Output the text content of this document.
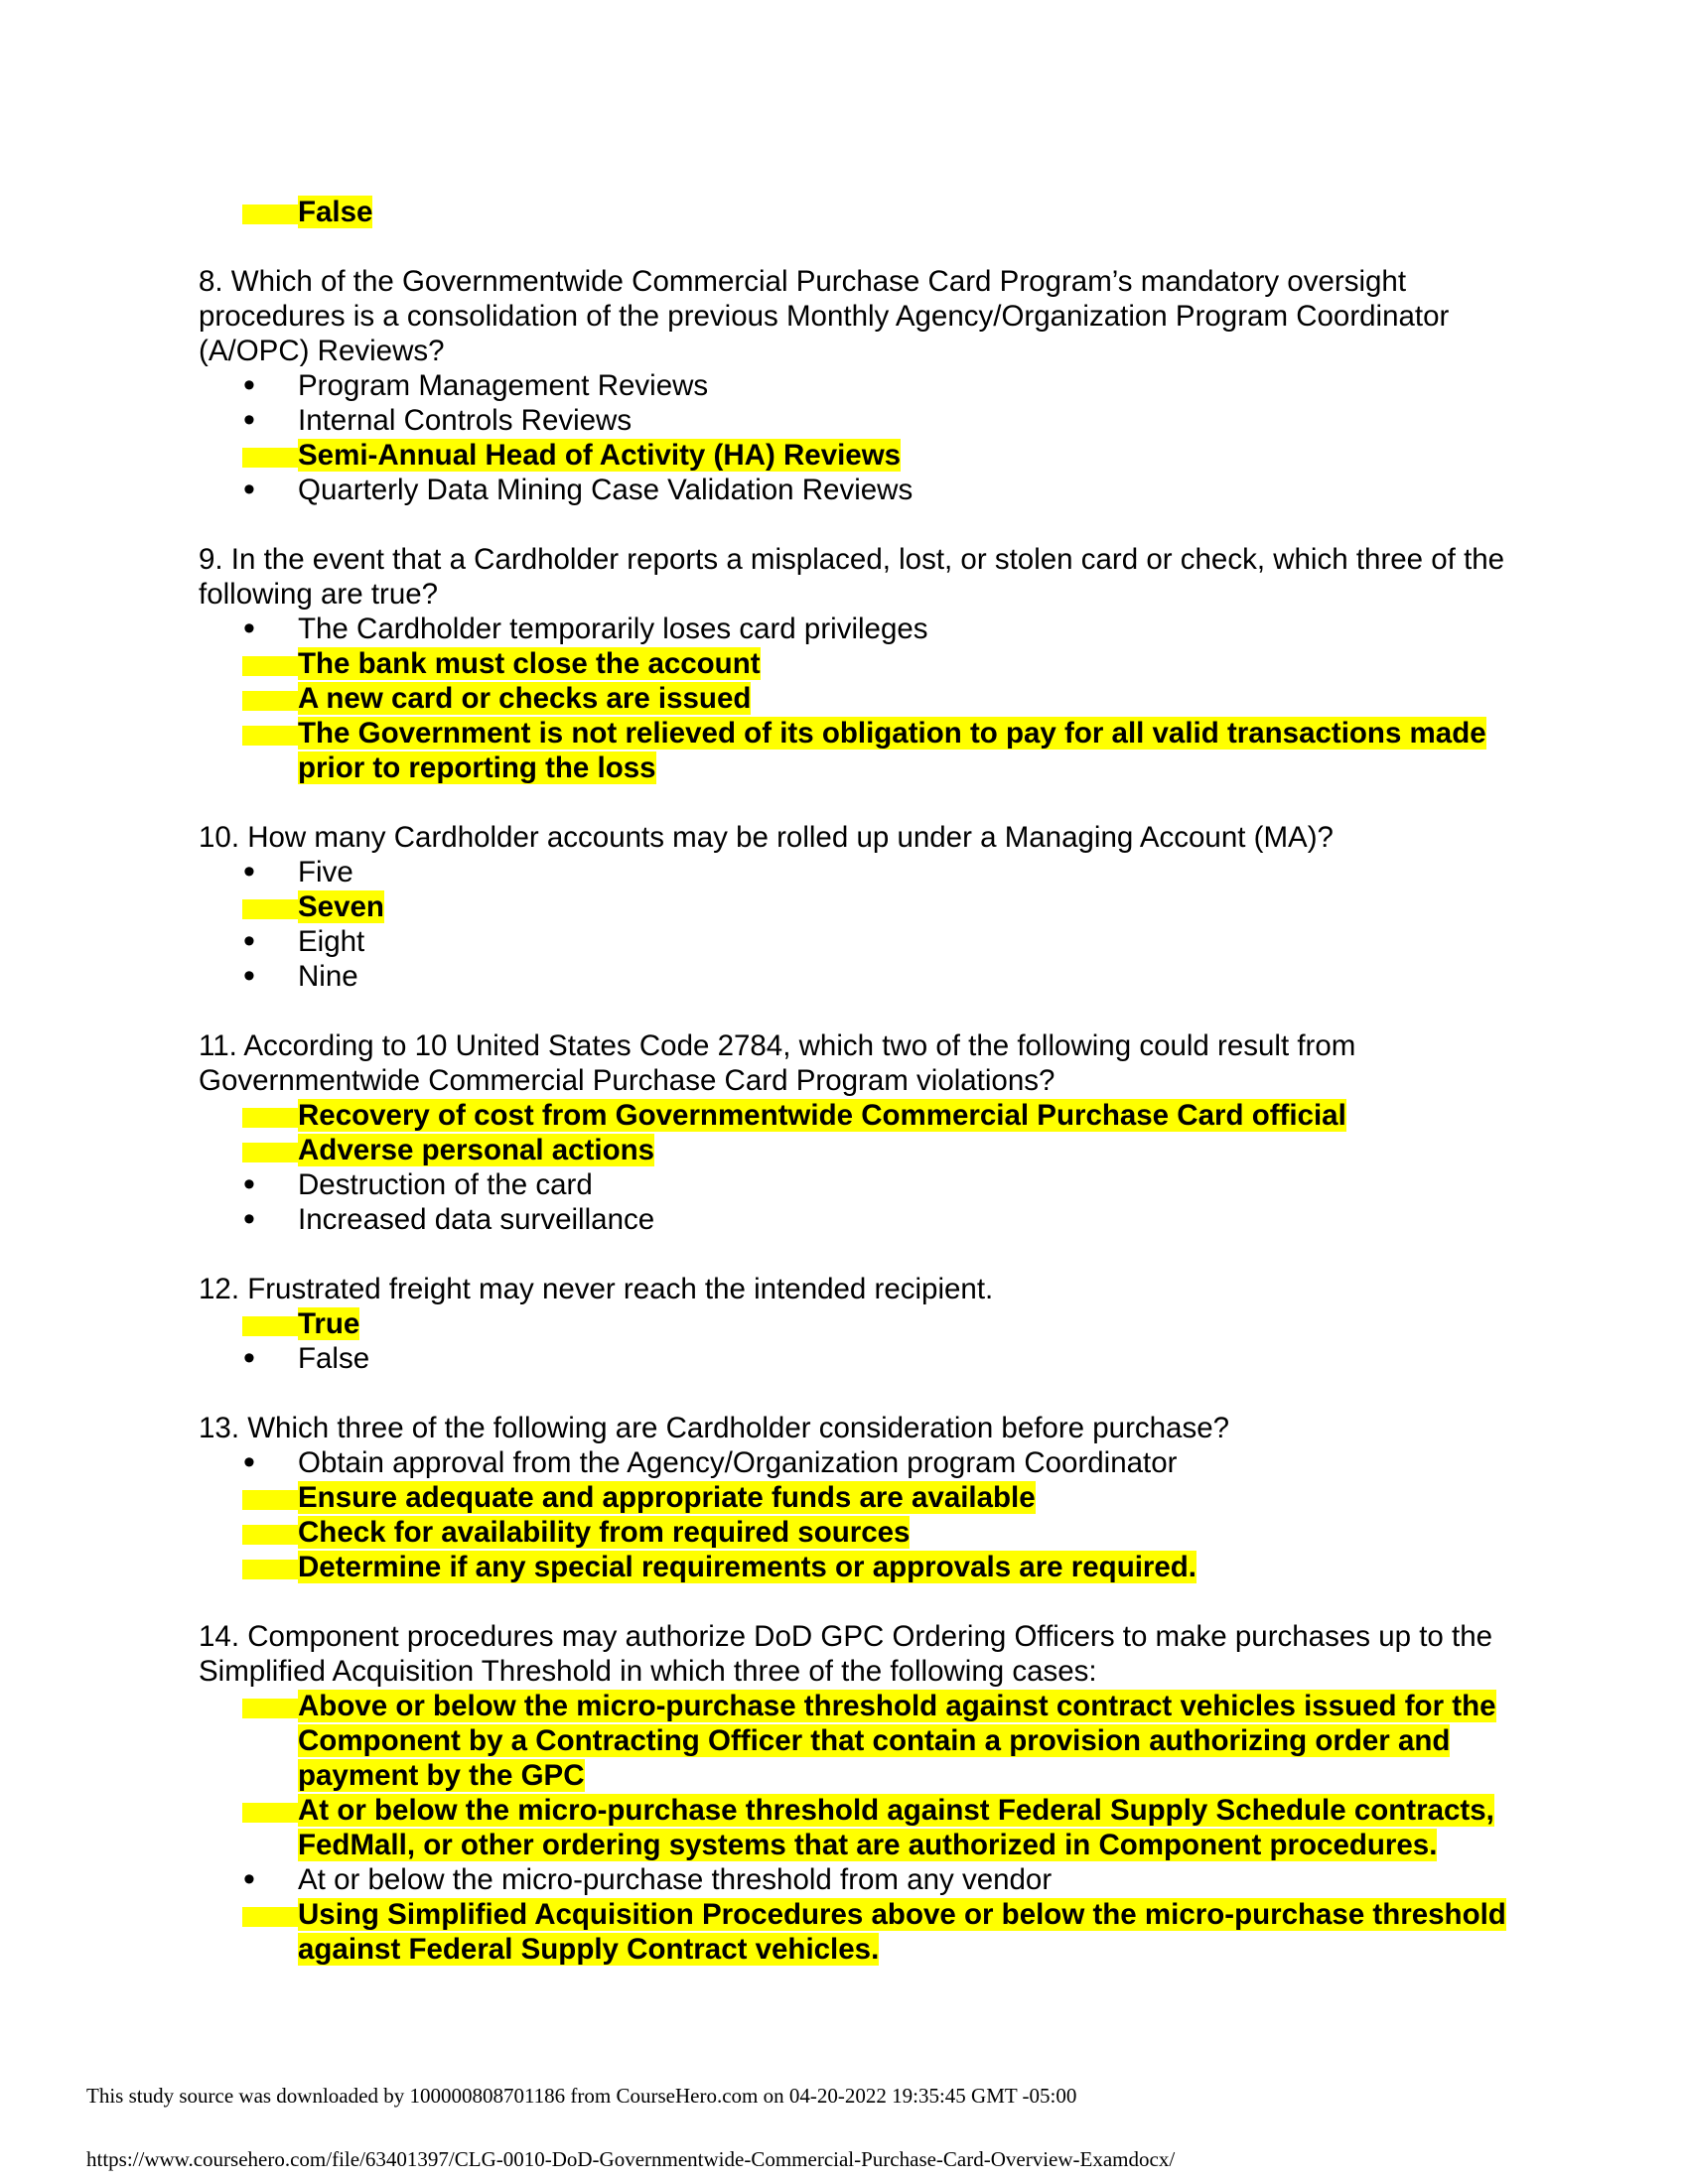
• False

8. Which of the Governmentwide Commercial Purchase Card Program’s mandatory oversight procedures is a consolidation of the previous Monthly Agency/Organization Program Coordinator (A/OPC) Reviews?

• Program Management Reviews
• Internal Controls Reviews
• Semi-Annual Head of Activity (HA) Reviews
• Quarterly Data Mining Case Validation Reviews

9. In the event that a Cardholder reports a misplaced, lost, or stolen card or check, which three of the following are true?

• The Cardholder temporarily loses card privileges
• The bank must close the account
• A new card or checks are issued
• The Government is not relieved of its obligation to pay for all valid transactions made prior to reporting the loss

10. How many Cardholder accounts may be rolled up under a Managing Account (MA)?

• Five
• Seven
• Eight
• Nine

11. According to 10 United States Code 2784, which two of the following could result from Governmentwide Commercial Purchase Card Program violations?

• Recovery of cost from Governmentwide Commercial Purchase Card official
• Adverse personal actions
• Destruction of the card
• Increased data surveillance

12. Frustrated freight may never reach the intended recipient.

• True
• False

13. Which three of the following are Cardholder consideration before purchase?

• Obtain approval from the Agency/Organization program Coordinator
• Ensure adequate and appropriate funds are available
• Check for availability from required sources
• Determine if any special requirements or approvals are required.

14. Component procedures may authorize DoD GPC Ordering Officers to make purchases up to the Simplified Acquisition Threshold in which three of the following cases:

• Above or below the micro-purchase threshold against contract vehicles issued for the Component by a Contracting Officer that contain a provision authorizing order and payment by the GPC
• At or below the micro-purchase threshold against Federal Supply Schedule contracts, FedMall, or other ordering systems that are authorized in Component procedures.
• At or below the micro-purchase threshold from any vendor
• Using Simplified Acquisition Procedures above or below the micro-purchase threshold against Federal Supply Contract vehicles.
This study source was downloaded by 100000808701186 from CourseHero.com on 04-20-2022 19:35:45 GMT -05:00
https://www.coursehero.com/file/63401397/CLG-0010-DoD-Governmentwide-Commercial-Purchase-Card-Overview-Examdocx/
